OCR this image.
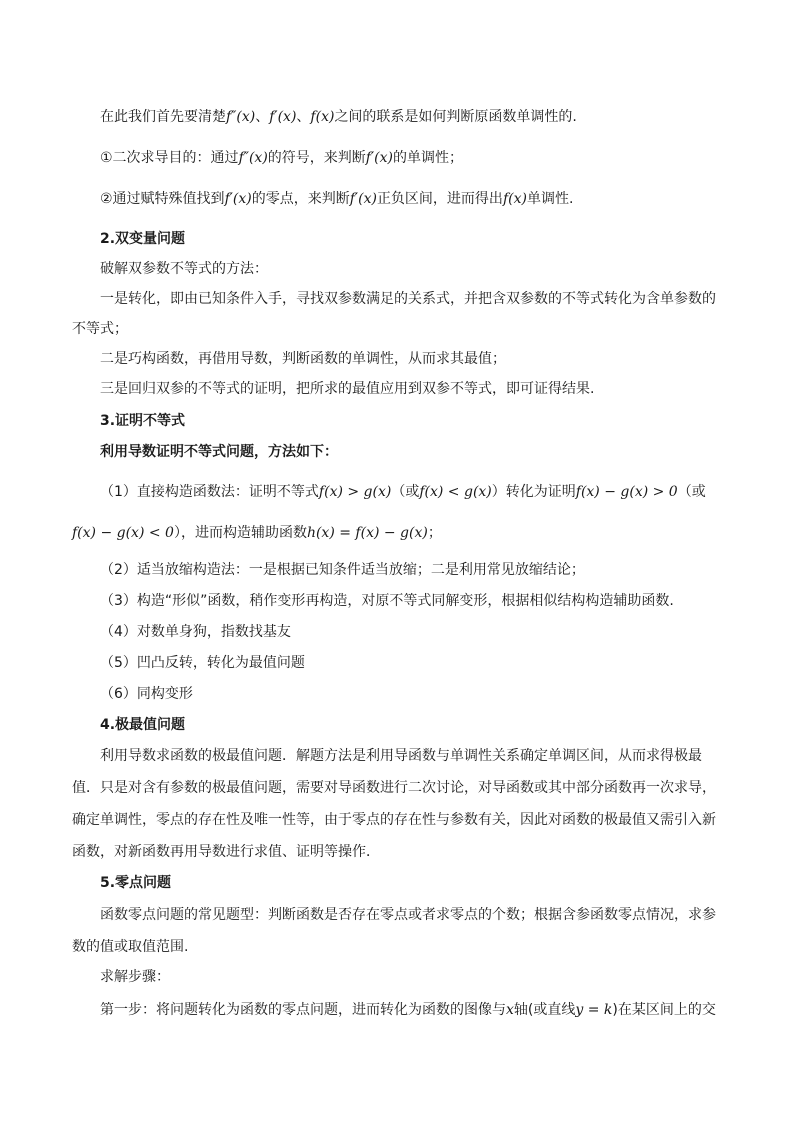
在此我们首先要清楚f″(x)、f′(x)、f(x)之间的联系是如何判断原函数单调性的.
①二次求导目的：通过f″(x)的符号，来判断f′(x)的单调性；
②通过赋特殊值找到f′(x)的零点，来判断f′(x)正负区间，进而得出f(x)单调性.
2.双变量问题
破解双参数不等式的方法：
一是转化，即由已知条件入手，寻找双参数满足的关系式，并把含双参数的不等式转化为含单参数的
不等式；
二是巧构函数，再借用导数，判断函数的单调性，从而求其最值；
三是回归双参的不等式的证明，把所求的最值应用到双参不等式，即可证得结果.
3.证明不等式
利用导数证明不等式问题，方法如下：
（1）直接构造函数法：证明不等式f(x) > g(x)（或f(x) < g(x)）转化为证明f(x) − g(x) > 0（或
f(x) − g(x) < 0），进而构造辅助函数h(x) = f(x) − g(x)；
（2）适当放缩构造法：一是根据已知条件适当放缩；二是利用常见放缩结论；
（3）构造“形似”函数，稍作变形再构造，对原不等式同解变形，根据相似结构构造辅助函数.
（4）对数单身狗，指数找基友
（5）凹凸反转，转化为最值问题
（6）同构变形
4.极最值问题
利用导数求函数的极最值问题．解题方法是利用导函数与单调性关系确定单调区间，从而求得极最
值．只是对含有参数的极最值问题，需要对导函数进行二次讨论，对导函数或其中部分函数再一次求导，
确定单调性，零点的存在性及唯一性等，由于零点的存在性与参数有关，因此对函数的极最值又需引入新
函数，对新函数再用导数进行求值、证明等操作．
5.零点问题
函数零点问题的常见题型：判断函数是否存在零点或者求零点的个数；根据含参函数零点情况，求参
数的值或取值范围.
求解步骤：
第一步：将问题转化为函数的零点问题，进而转化为函数的图像与x轴(或直线y = k)在某区间上的交
